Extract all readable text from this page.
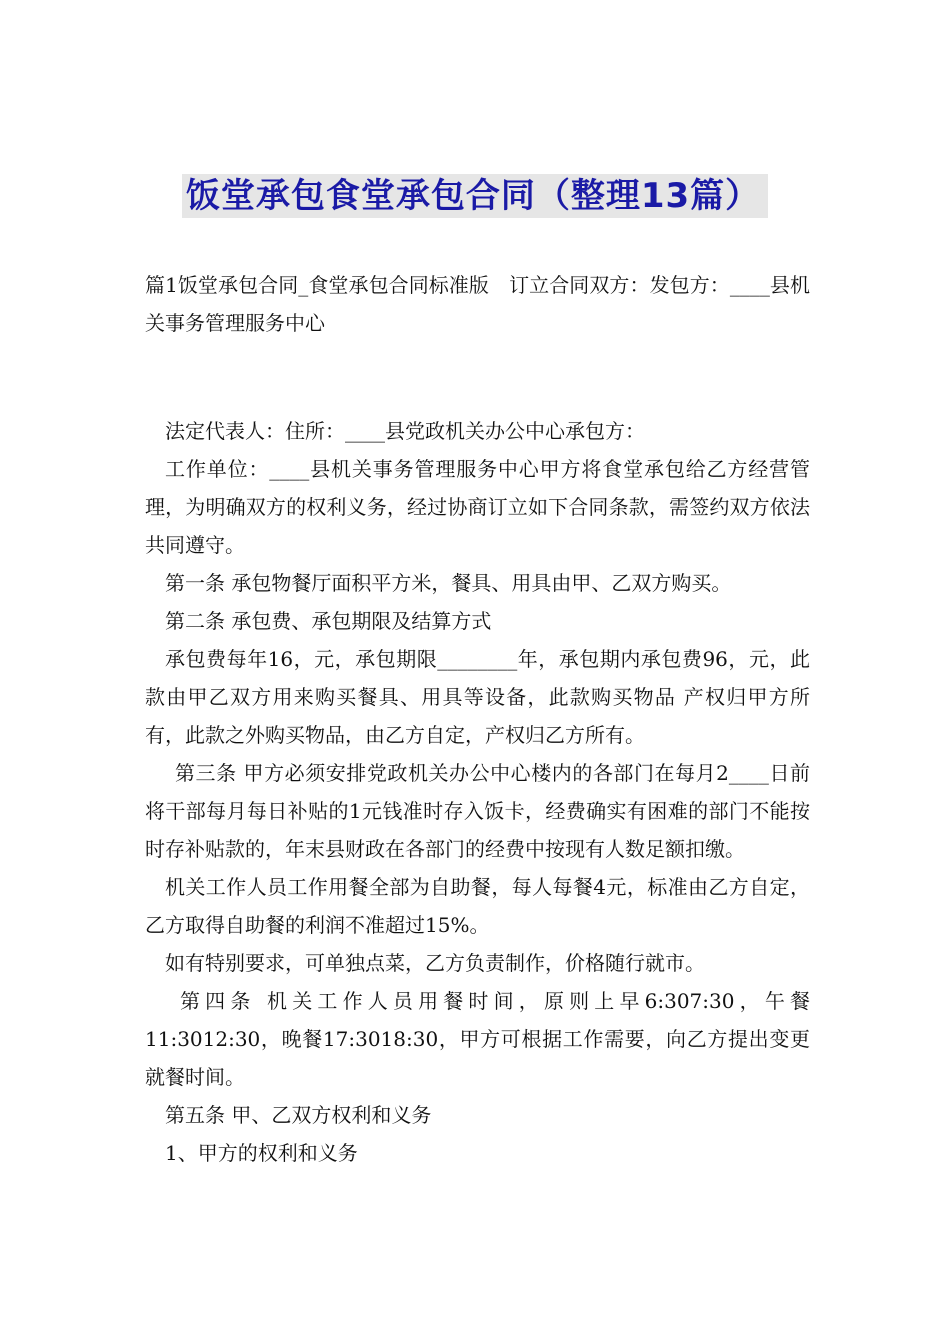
饭堂承包食堂承包合同（整理13篇）

篇1饭堂承包合同_食堂承包合同标准版　订立合同双方：发包方：____县机关事务管理服务中心

法定代表人：住所：____县党政机关办公中心承包方：

工作单位：____县机关事务管理服务中心甲方将食堂承包给乙方经营管理，为明确双方的权利义务，经过协商订立如下合同条款，需签约双方依法共同遵守。

第一条 承包物餐厅面积平方米，餐具、用具由甲、乙双方购买。

第二条 承包费、承包期限及结算方式

承包费每年16，元，承包期限________年，承包期内承包费96，元，此款由甲乙双方用来购买餐具、用具等设备，此款购买物品 产权归甲方所有，此款之外购买物品，由乙方自定，产权归乙方所有。

第三条 甲方必须安排党政机关办公中心楼内的各部门在每月2____日前将干部每月每日补贴的1元钱准时存入饭卡，经费确实有困难的部门不能按时存补贴款的，年末县财政在各部门的经费中按现有人数足额扣缴。

机关工作人员工作用餐全部为自助餐，每人每餐4元，标准由乙方自定，乙方取得自助餐的利润不准超过15%。

如有特别要求，可单独点菜，乙方负责制作，价格随行就市。

第四条 机关工作人员用餐时间，原则上早6:307:30，午餐11:3012:30，晚餐17:3018:30，甲方可根据工作需要，向乙方提出变更就餐时间。

第五条 甲、乙双方权利和义务

1、甲方的权利和义务
